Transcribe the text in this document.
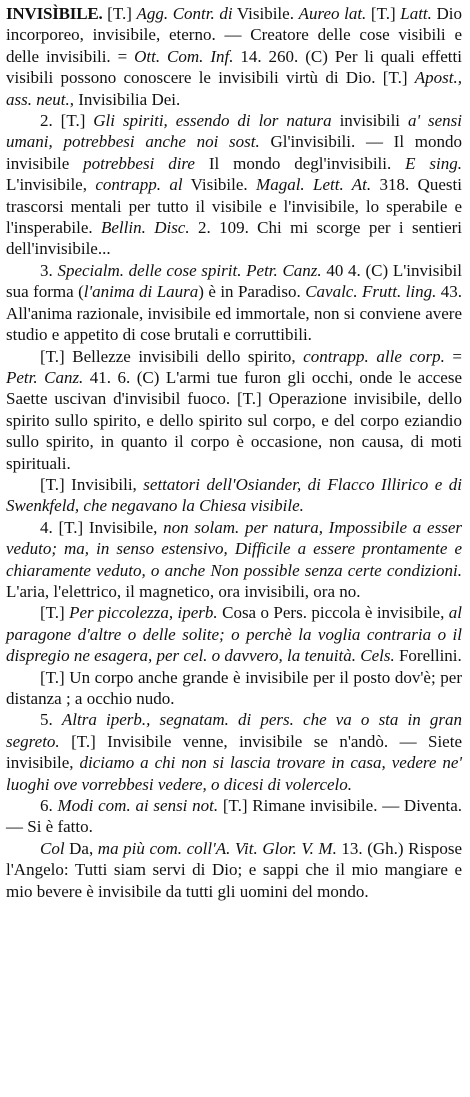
INVISÌBILE. [T.] Agg. Contr. di Visibile. Aureo lat. [T.] Latt. Dio incorporeo, invisibile, eterno. — Creatore delle cose visibili e delle invisibili. = Ott. Com. Inf. 14. 260. (C) Per li quali effetti visibili possono conoscere le invisibili virtù di Dio. [T.] Apost., ass. neut., Invisibilia Dei.

2. [T.] Gli spiriti, essendo di lor natura invisibili a' sensi umani, potrebbesi anche noi sost. Gl'invisibili. — Il mondo invisibile potrebbesi dire Il mondo degl'invisibili. E sing. L'invisibile, contrapp. al Visibile. Magal. Lett. At. 318. Questi trascorsi mentali per tutto il visibile e l'invisibile, lo sperabile e l'insperabile. Bellin. Disc. 2. 109. Chi mi scorge per i sentieri dell'invisibile...

3. Specialm. delle cose spirit. Petr. Canz. 40 4. (C) L'invisibil sua forma (l'anima di Laura) è in Paradiso. Cavalc. Frutt. ling. 43. All'anima razionale, invisibile ed immortale, non si conviene avere studio e appetito di cose brutali e corruttibili.

[T.] Bellezze invisibili dello spirito, contrapp. alle corp. = Petr. Canz. 41. 6. (C) L'armi tue furon gli occhi, onde le accese Saette uscivan d'invisibil fuoco. [T.] Operazione invisibile, dello spirito sullo spirito, e dello spirito sul corpo, e del corpo eziandio sullo spirito, in quanto il corpo è occasione, non causa, di moti spirituali.

[T.] Invisibili, settatori dell'Osiander, di Flacco Illirico e di Swenkfeld, che negavano la Chiesa visibile.

4. [T.] Invisibile, non solam. per natura, Impossibile a esser veduto; ma, in senso estensivo, Difficile a essere prontamente e chiaramente veduto, o anche Non possible senza certe condizioni. L'aria, l'elettrico, il magnetico, ora invisibili, ora no.

[T.] Per piccolezza, iperb. Cosa o Pers. piccola è invisibile, al paragone d'altre o delle solite; o perchè la voglia contraria o il dispregio ne esagera, per cel. o davvero, la tenuità. Cels. Forellini.

[T.] Un corpo anche grande è invisibile per il posto dov'è; per distanza ; a occhio nudo.

5. Altra iperb., segnatam. di pers. che va o sta in gran segreto. [T.] Invisibile venne, invisibile se n'andò. — Siete invisibile, diciamo a chi non si lascia trovare in casa, vedere ne' luoghi ove vorrebbesi vedere, o dicesi di volercelo.

6. Modi com. ai sensi not. [T.] Rimane invisibile. — Diventa. — Si è fatto.

Col Da, ma più com. coll'A. Vit. Glor. V. M. 13. (Gh.) Rispose l'Angelo: Tutti siam servi di Dio; e sappi che il mio mangiare e mio bevere è invisibile da tutti gli uomini del mondo.
